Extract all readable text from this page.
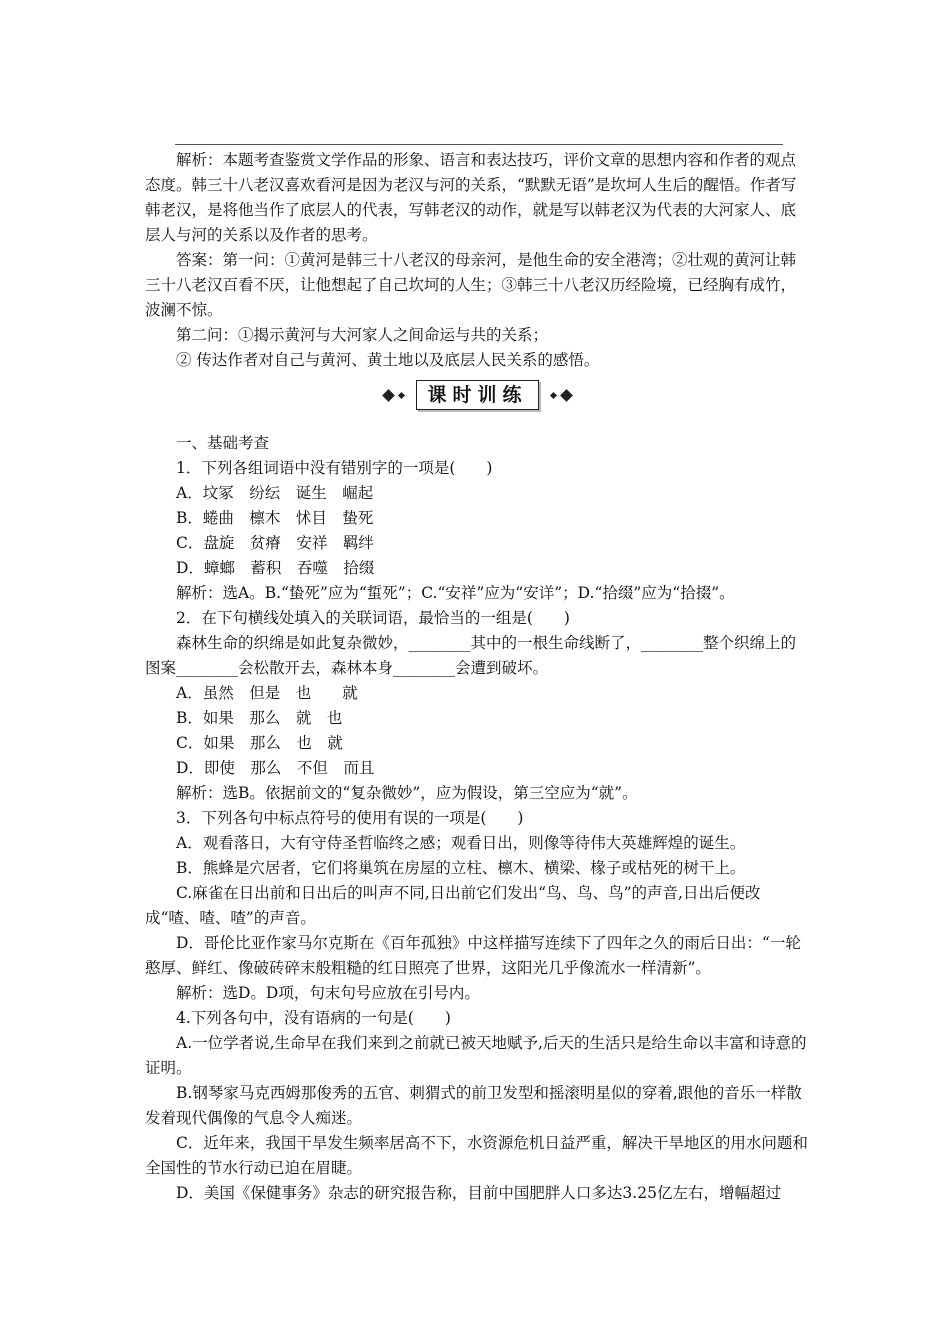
解析：本题考查鉴赏文学作品的形象、语言和表达技巧，评价文章的思想内容和作者的观点态度。韩三十八老汉喜欢看河是因为老汉与河的关系，“默默无语”是坎坷人生后的醒悟。作者写韩老汉，是将他当作了底层人的代表，写韩老汉的动作，就是写以韩老汉为代表的大河家人、底层人与河的关系以及作者的思考。

答案：第一问：①黄河是韩三十八老汉的母亲河，是他生命的安全港湾；②壮观的黄河让韩三十八老汉百看不厌，让他想起了自己坎坷的人生；③韩三十八老汉历经险境，已经胸有成竹，波澜不惊。

第二问：①揭示黄河与大河家人之间命运与共的关系；

② 传达作者对自己与黄河、黄土地以及底层人民关系的感悟。

课时训练

一、基础考查

1．下列各组词语中没有错别字的一项是(　　)

A．坟冢　纷纭　诞生　崛起

B．蜷曲　檩木　怵目　蛰死

C．盘旋　贫瘠　安祥　羁绊

D．蟑螂　蓄积　吞噬　拾缀

解析：选A。B.“蛰死”应为“蜇死”；C.“安祥”应为“安详”；D.“拾缀”应为“拾掇”。

2．在下句横线处填入的关联词语，最恰当的一组是(　　)

森林生命的织绵是如此复杂微妙，________其中的一根生命线断了，________整个织绵上的图案________会松散开去，森林本身________会遭到破坏。

A．虽然　但是　也　　就

B．如果　那么　就　也

C．如果　那么　也　就

D．即使　那么　不但　而且

解析：选B。依据前文的“复杂微妙”，应为假设，第三空应为“就”。

3．下列各句中标点符号的使用有误的一项是(　　)

A．观看落日，大有守侍圣哲临终之感；观看日出，则像等待伟大英雄辉煌的诞生。

B．熊蜂是穴居者，它们将巢筑在房屋的立柱、檩木、横梁、椽子或枯死的树干上。

C.麻雀在日出前和日出后的叫声不同,日出前它们发出“鸟、鸟、鸟”的声音,日出后便改成“喳、喳、喳”的声音。

D．哥伦比亚作家马尔克斯在《百年孤独》中这样描写连续下了四年之久的雨后日出：“一轮憨厚、鲜红、像破砖碎末般粗糙的红日照亮了世界，这阳光几乎像流水一样清新”。

解析：选D。D项，句末句号应放在引号内。

4.下列各句中，没有语病的一句是(　　)

A.一位学者说,生命早在我们来到之前就已被天地赋予,后天的生活只是给生命以丰富和诗意的证明。

B.钢琴家马克西姆那俊秀的五官、刺猬式的前卫发型和摇滚明星似的穿着,跟他的音乐一样散发着现代偶像的气息令人痴迷。

C．近年来，我国干旱发生频率居高不下，水资源危机日益严重，解决干旱地区的用水问题和全国性的节水行动已迫在眉睫。

D．美国《保健事务》杂志的研究报告称，目前中国肥胖人口多达3.25亿左右，增幅超过
